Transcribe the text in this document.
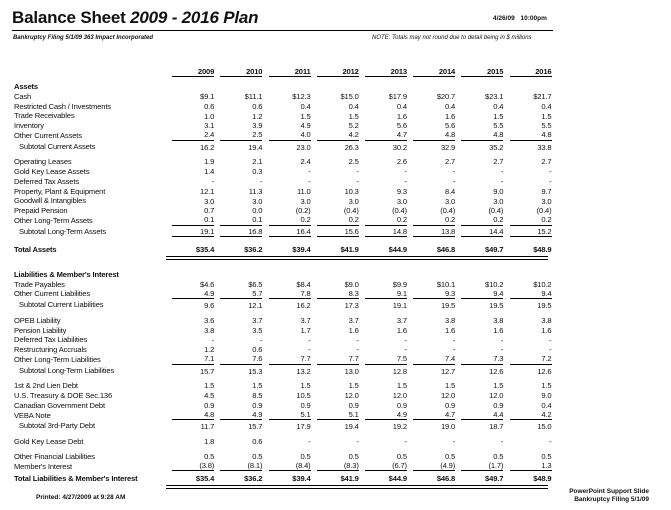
Balance Sheet 2009 - 2016 Plan	4/26/09 10:00pm
Bankruptcy Filing 5/1/09 363 Impact Incorporated	NOTE: Totals may not round due to detail being in $ millions
2009	2010	2011	2012	2013	2014	2015	2016
Assets
Cash	$9.1	$11.1	$12.3	$15.0	$17.9	$20.7	$23.1	$21.7
Restricted Cash / Investments	0.6	0.6	0.4	0.4	0.4	0.4	0.4	0.4
Trade Receivables	1.0	1.2	1.5	1.5	1.6	1.6	1.5	1.5
Inventory	3.1	3.9	4.9	5.2	5.6	5.6	5.5	5.5
Other Current Assets	2.4	2.5	4.0	4.2	4.7	4.8	4.8	4.8
Subtotal Current Assets	16.2	19.4	23.0	26.3	30.2	32.9	35.2	33.8
Operating Leases	1.9	2.1	2.4	2.5	2.6	2.7	2.7	2.7
Gold Key Lease Assets	1.4	0.3	-	-	-	-	-	-
Deferred Tax Assets	-	-	-	-	-	-	-	-
Property, Plant & Equipment	12.1	11.3	11.0	10.3	9.3	8.4	9.0	9.7
Goodwill & Intangibles	3.0	3.0	3.0	3.0	3.0	3.0	3.0	3.0
Prepaid Pension	0.7	0.0	(0.2)	(0.4)	(0.4)	(0.4)	(0.4)	(0.4)
Other Long-Term Assets	0.1	0.1	0.2	0.2	0.2	0.2	0.2	0.2
Subtotal Long-Term Assets	19.1	16.8	16.4	15.6	14.8	13.8	14.4	15.2
Total Assets	$35.4	$36.2	$39.4	$41.9	$44.9	$46.8	$49.7	$48.9
Liabilities & Member's Interest
Trade Payables	$4.6	$6.5	$8.4	$9.0	$9.9	$10.1	$10.2	$10.2
Other Current Liabilities	4.9	5.7	7.8	8.3	9.1	9.3	9.4	9.4
Subtotal Current Liabilities	9.6	12.1	16.2	17.3	19.1	19.5	19.5	19.5
OPEB Liability	3.6	3.7	3.7	3.7	3.7	3.8	3.8	3.8
Pension Liability	3.8	3.5	1.7	1.6	1.6	1.6	1.6	1.6
Deferred Tax Liabilities	-	-	-	-	-	-	-	-
Restructuring Accruals	1.2	0.6	-	-	-	-	-	-
Other Long-Term Liabilities	7.1	7.6	7.7	7.7	7.5	7.4	7.3	7.2
Subtotal Long-Term Liabilities	15.7	15.3	13.2	13.0	12.8	12.7	12.6	12.6
1st & 2nd Lien Debt	1.5	1.5	1.5	1.5	1.5	1.5	1.5	1.5
U.S. Treasury & DOE Sec.136	4.5	8.5	10.5	12.0	12.0	12.0	12.0	9.0
Canadian Government Debt	0.9	0.9	0.9	0.9	0.9	0.9	0.9	0.4
VEBA Note	4.8	4.9	5.1	5.1	4.9	4.7	4.4	4.2
Subtotal 3rd-Party Debt	11.7	15.7	17.9	19.4	19.2	19.0	18.7	15.0
Gold Key Lease Debt	1.8	0.6	-	-	-	-	-	-
Other Financial Liabilities	0.5	0.5	0.5	0.5	0.5	0.5	0.5	0.5
Member's Interest	(3.8)	(8.1)	(8.4)	(8.3)	(6.7)	(4.9)	(1.7)	1.3
Total Liabilities & Member's Interest	$35.4	$36.2	$39.4	$41.9	$44.9	$46.8	$49.7	$48.9
Printed: 4/27/2009 at 9:28 AM
PowerPoint Support Slide
Bankruptcy Filing 5/1/09
